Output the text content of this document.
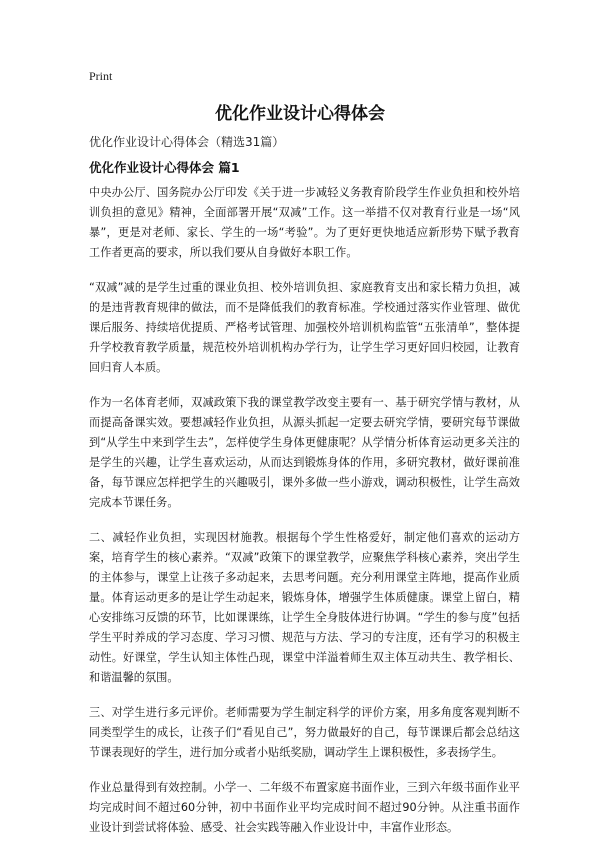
Print
优化作业设计心得体会
优化作业设计心得体会（精选31篇）
优化作业设计心得体会 篇1

中央办公厅、国务院办公厅印发《关于进一步减轻义务教育阶段学生作业负担和校外培训负担的意见》精神，全面部署开展“双减”工作。这一举措不仅对教育行业是一场“风暴”，更是对老师、家长、学生的一场“考验”。为了更好更快地适应新形势下赋予教育工作者更高的要求，所以我们要从自身做好本职工作。

“双减”减的是学生过重的课业负担、校外培训负担、家庭教育支出和家长精力负担，减的是违背教育规律的做法，而不是降低我们的教育标准。学校通过落实作业管理、做优课后服务、持续培优提质、严格考试管理、加强校外培训机构监管“五张清单”，整体提升学校教育教学质量，规范校外培训机构办学行为，让学生学习更好回归校园，让教育回归育人本质。

作为一名体育老师，双减政策下我的课堂教学改变主要有一、基于研究学情与教材，从而提高备课实效。要想减轻作业负担，从源头抓起一定要去研究学情，要研究每节课做到“从学生中来到学生去”，怎样使学生身体更健康呢？从学情分析体育运动更多关注的是学生的兴趣，让学生喜欢运动，从而达到锻炼身体的作用，多研究教材，做好课前准备，每节课应怎样把学生的兴趣吸引，课外多做一些小游戏，调动积极性，让学生高效完成本节课任务。

二、减轻作业负担，实现因材施教。根据每个学生性格爱好，制定他们喜欢的运动方案，培育学生的核心素养。“双减”政策下的课堂教学，应聚焦学科核心素养，突出学生的主体参与，课堂上让孩子多动起来，去思考问题。充分利用课堂主阵地，提高作业质量。体育运动更多的是让学生动起来，锻炼身体，增强学生体质健康。课堂上留白，精心安排练习反馈的环节，比如课课练，让学生全身肢体进行协调。“学生的参与度”包括学生平时养成的学习态度、学习习惯、规范与方法、学习的专注度，还有学习的积极主动性。好课堂，学生认知主体性凸现，课堂中洋溢着师生双主体互动共生、教学相长、和谐温馨的氛围。

三、对学生进行多元评价。老师需要为学生制定科学的评价方案，用多角度客观判断不同类型学生的成长，让孩子们“看见自己”，努力做最好的自己，每节课课后都会总结这节课表现好的学生，进行加分或者小贴纸奖励，调动学生上课积极性，多表扬学生。

作业总量得到有效控制。小学一、二年级不布置家庭书面作业，三到六年级书面作业平均完成时间不超过60分钟，初中书面作业平均完成时间不超过90分钟。从注重书面作业设计到尝试将体验、感受、社会实践等融入作业设计中，丰富作业形态。
